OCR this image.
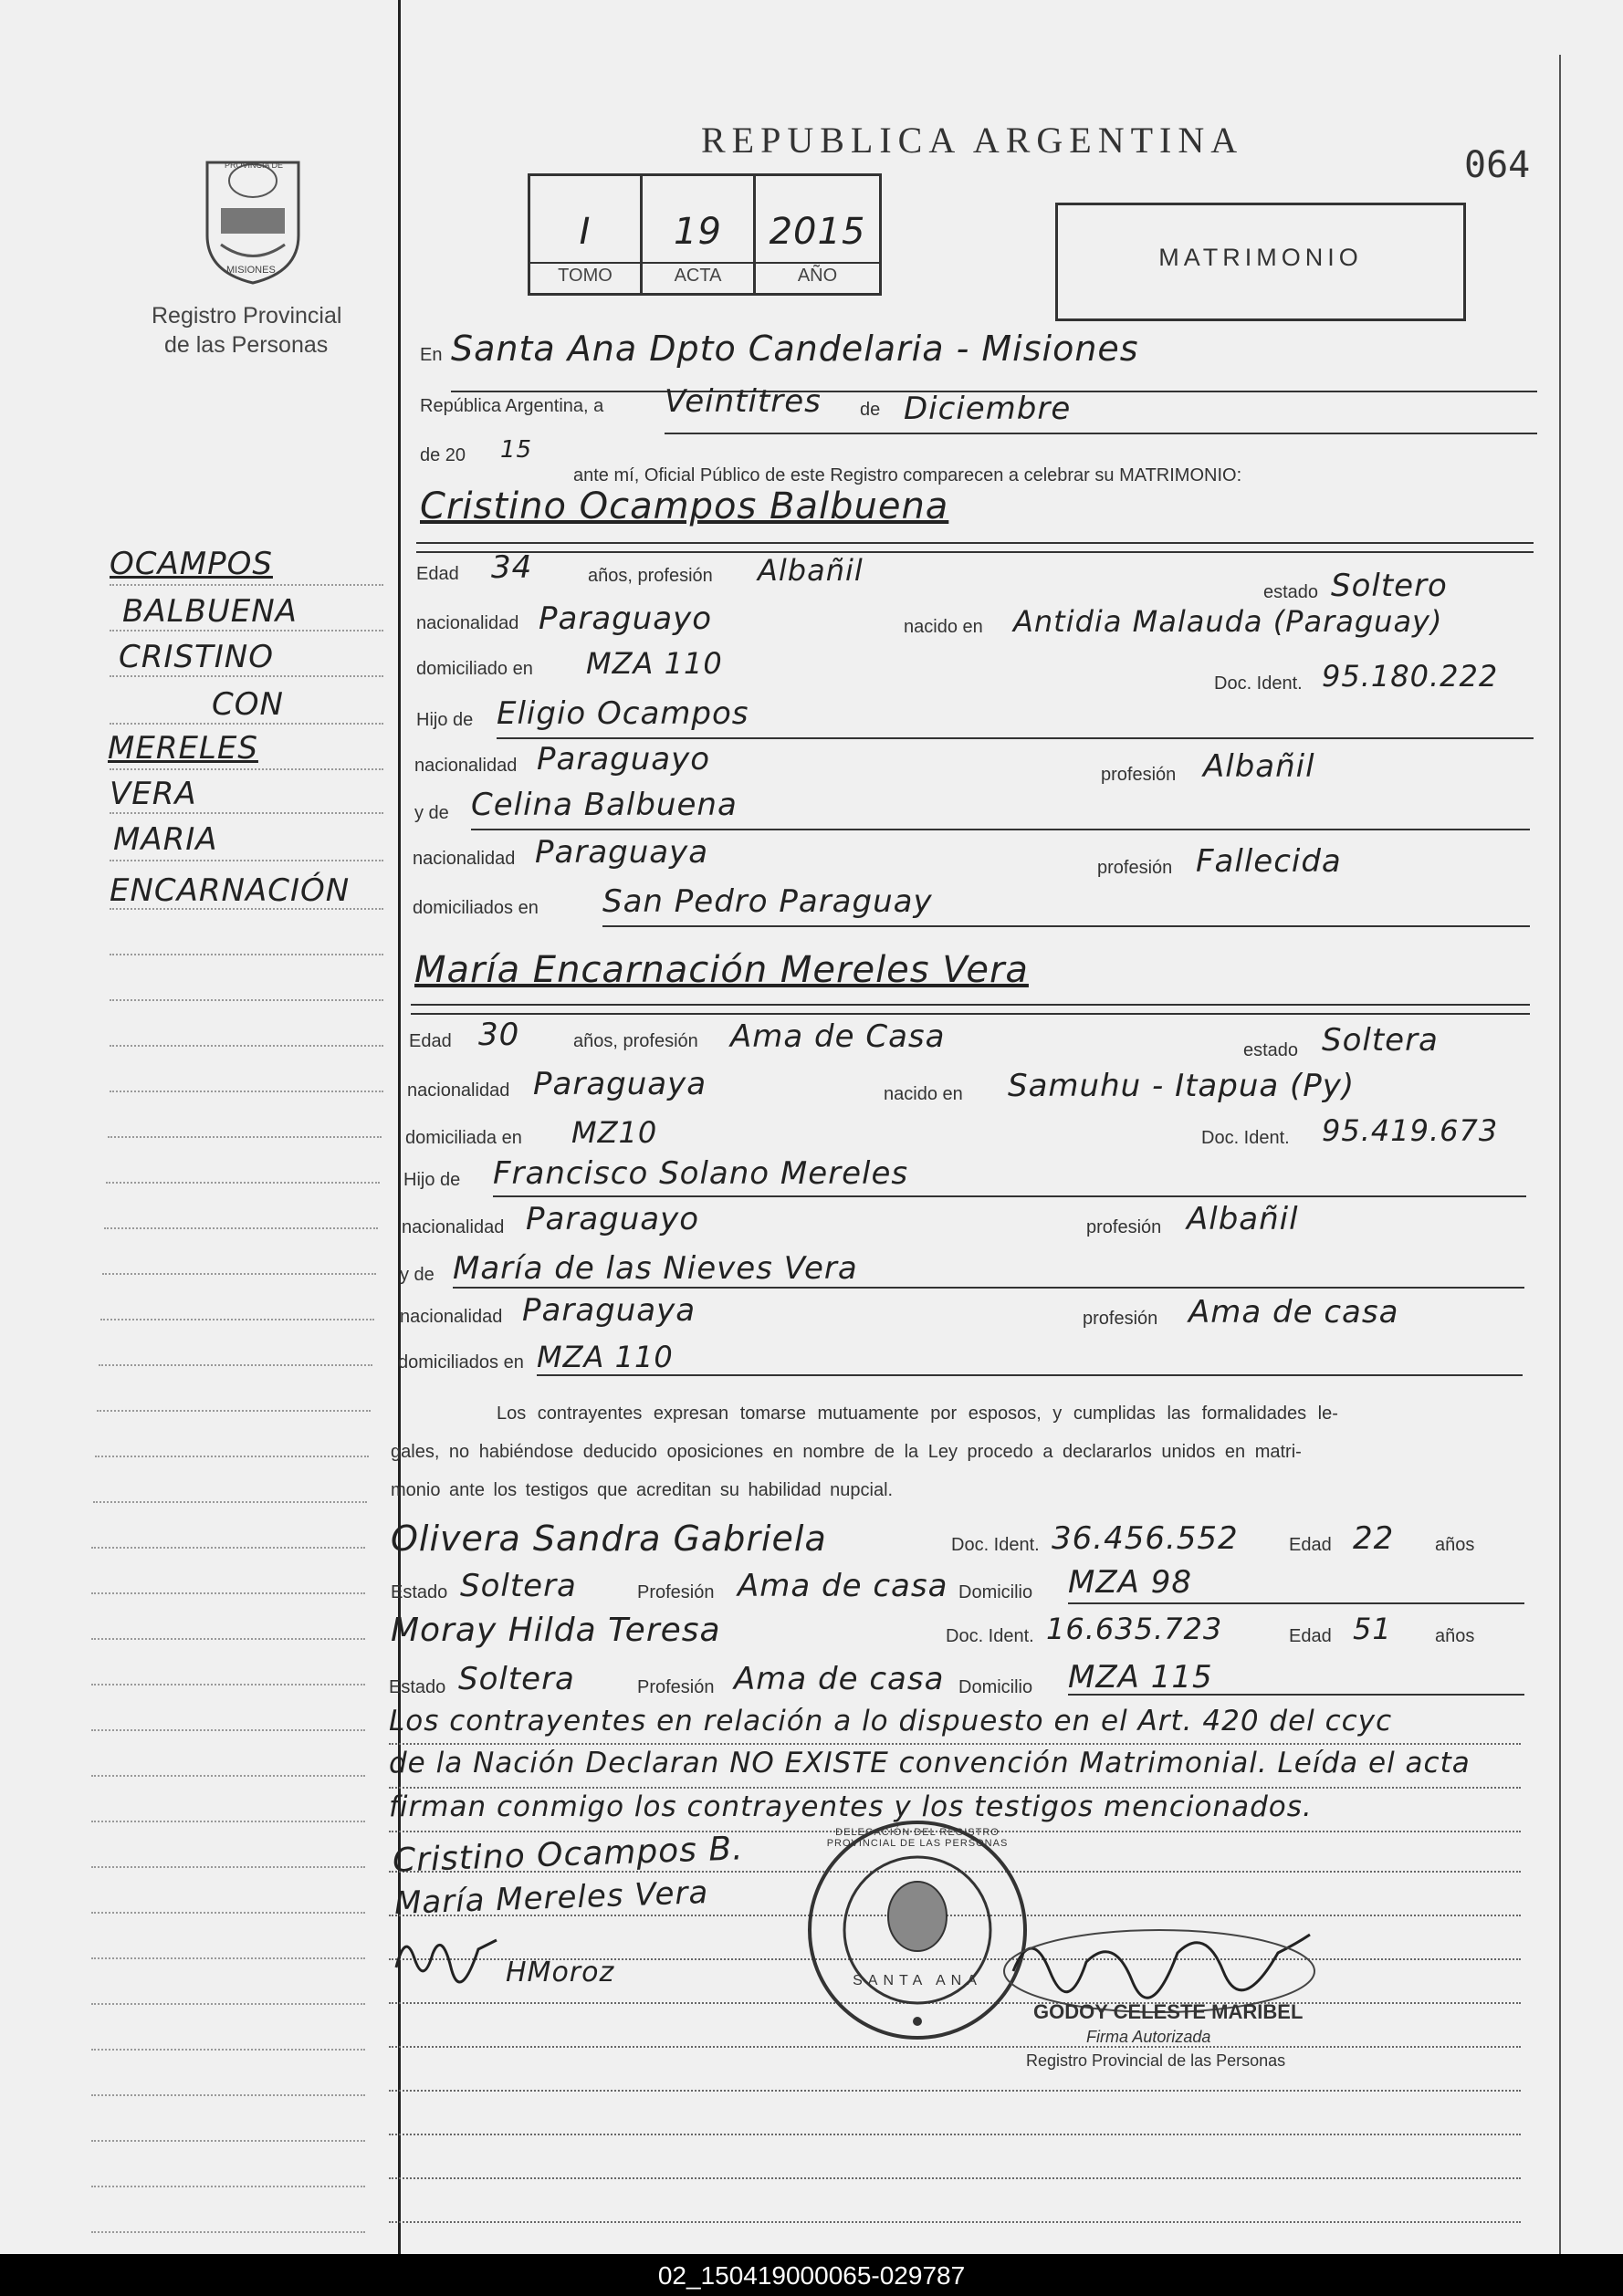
REPUBLICA ARGENTINA
064
PROVINCIA DE
MISIONES
Registro Provincial
de las Personas
I
TOMO
19
ACTA
2015
AÑO
MATRIMONIO
OCAMPOS
BALBUENA
CRISTINO
CON
MERELES
VERA
MARIA
ENCARNACIÓN
En Santa Ana Dpto Candelaria - Misiones
República Argentina, a Veintitres de Diciembre
de 20 15
ante mí, Oficial Público de este Registro comparecen a celebrar su MATRIMONIO:
Cristino Ocampos Balbuena
Edad 34	años, profesión Albañil
estado Soltero
nacionalidad Paraguayo	nacido en Antidia Malauda (Paraguay)
domiciliado en MZA 110
Doc. Ident. 95.180.222
Hijo de Eligio Ocampos
nacionalidad Paraguayo	profesión Albañil
y de Celina Balbuena
nacionalidad Paraguaya	profesión Fallecida
domiciliados en San Pedro Paraguay
María Encarnación Mereles Vera
Edad 30	años, profesión Ama de Casa	estado Soltera
nacionalidad Paraguaya	nacido en Samuhu - Itapua (Py)
domiciliada en MZ10	Doc. Ident. 95.419.673
Hijo de Francisco Solano Mereles
nacionalidad Paraguayo	profesión Albañil
y de María de las Nieves Vera
nacionalidad Paraguaya	profesión Ama de casa
domiciliados en MZA 110
Los contrayentes expresan tomarse mutuamente por esposos, y cumplidas las formalidades le-
gales, no habiéndose deducido oposiciones en nombre de la Ley procedo a declararlos unidos en matri-
monio ante los testigos que acreditan su habilidad nupcial.
Olivera Sandra Gabriela	Doc. Ident. 36.456.552	Edad 22 años
Estado Soltera	Profesión Ama de casa Domicilio MZA 98
Moray Hilda Teresa	Doc. Ident. 16.635.723	Edad 51 años
Estado Soltera	Profesión Ama de casa Domicilio MZA 115
Los contrayentes en relación a lo dispuesto en el Art. 420 del ccyc
de la Nación Declaran NO EXISTE convención Matrimonial. Leída el acta
firman conmigo los contrayentes y los testigos mencionados.
Cristino Ocampos B.
María Mereles Vera
HMoroz
DELEGACIÓN DEL REGISTRO PROVINCIAL DE LAS PERSONAS
SANTA ANA
GODOY CELESTE MARIBEL
Firma Autorizada
Registro Provincial de las Personas
02_150419000065-029787
